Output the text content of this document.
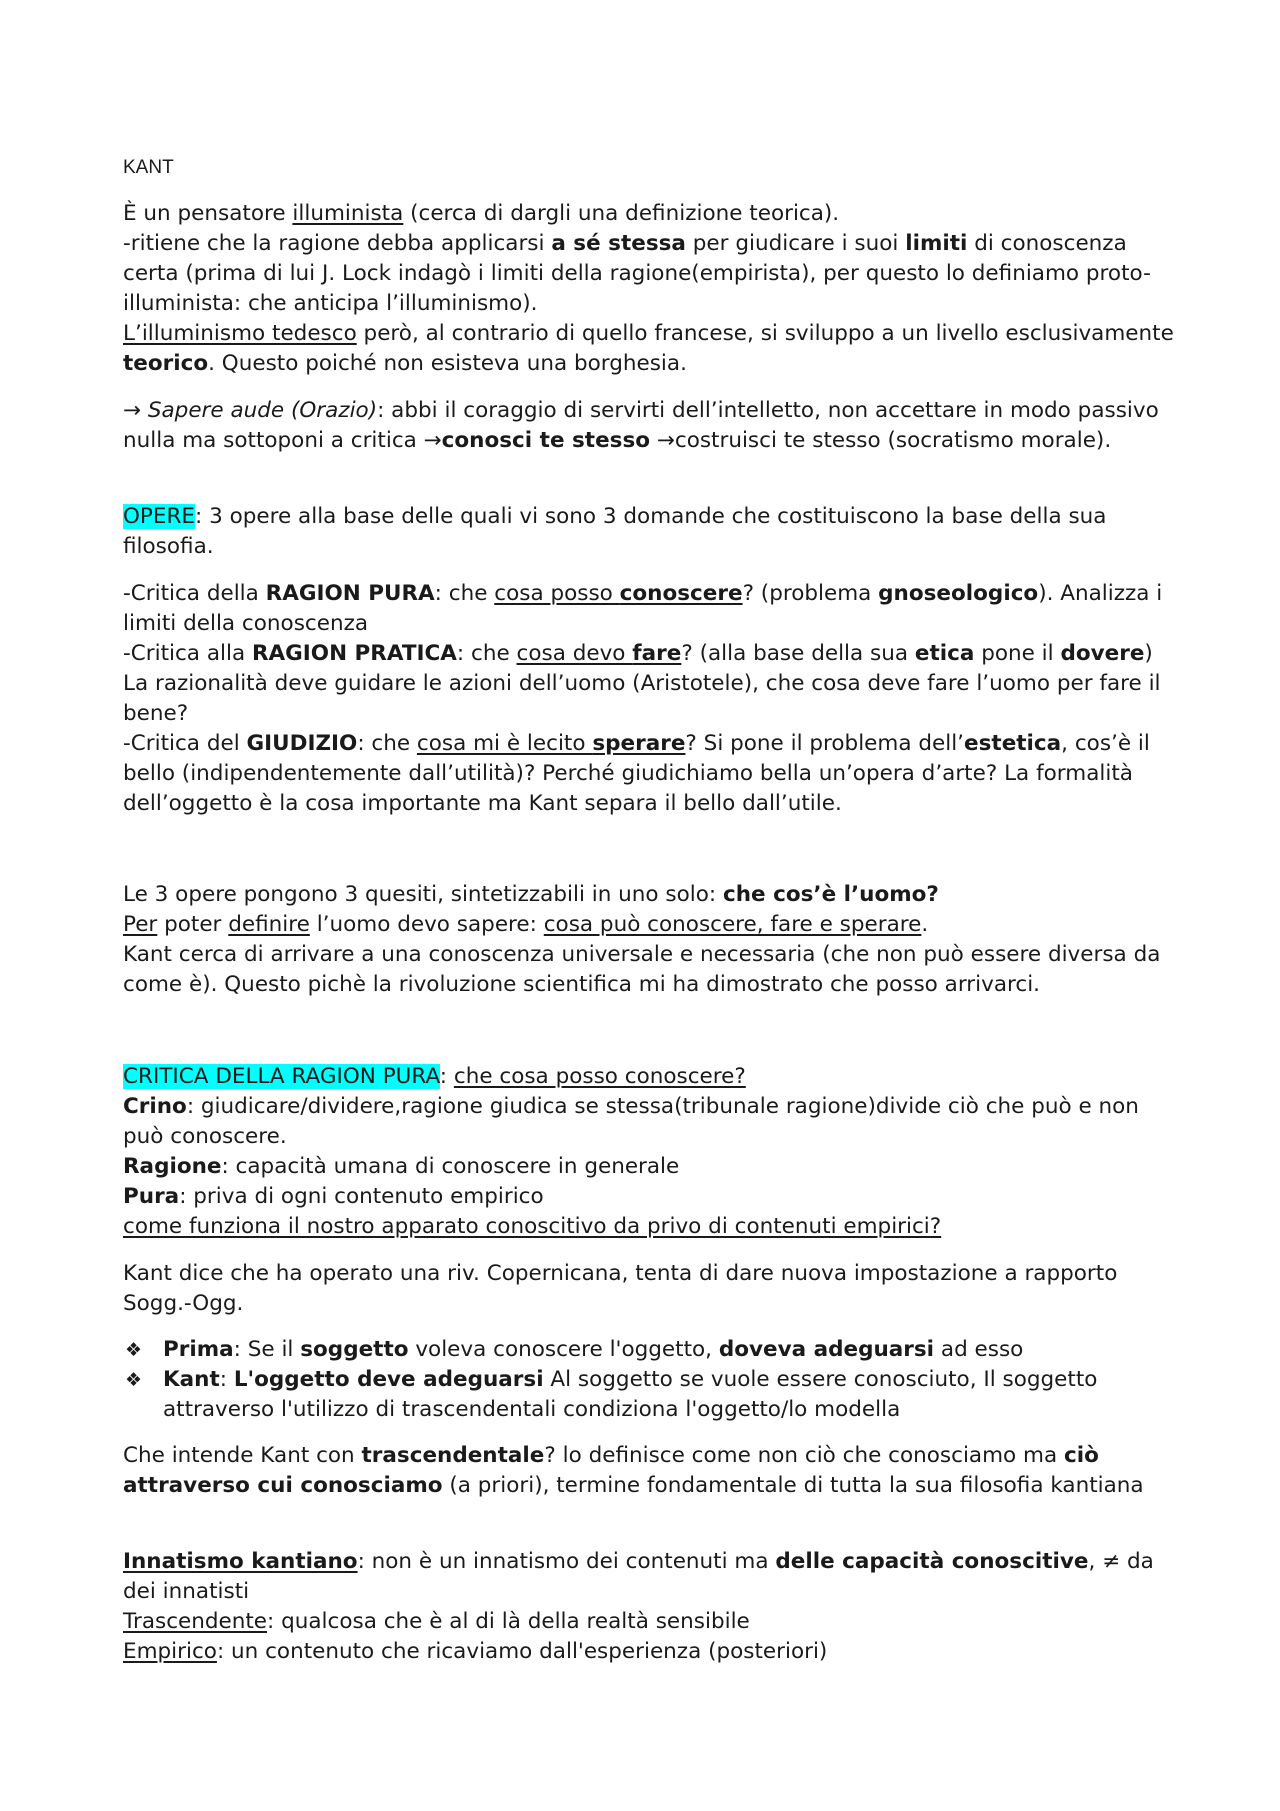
KANT

È un pensatore illuminista (cerca di dargli una definizione teorica).
-ritiene che la ragione debba applicarsi a sé stessa per giudicare i suoi limiti di conoscenza certa (prima di lui J. Lock indagò i limiti della ragione(empirista), per questo lo definiamo proto-illuminista: che anticipa l’illuminismo).
L’illuminismo tedesco però, al contrario di quello francese, si sviluppo a un livello esclusivamente teorico. Questo poiché non esisteva una borghesia.

→ Sapere aude (Orazio): abbi il coraggio di servirti dell’intelletto, non accettare in modo passivo nulla ma sottoponi a critica →conosci te stesso →costruisci te stesso (socratismo morale).

OPERE: 3 opere alla base delle quali vi sono 3 domande che costituiscono la base della sua filosofia.

-Critica della RAGION PURA: che cosa posso conoscere? (problema gnoseologico). Analizza i limiti della conoscenza

-Critica alla RAGION PRATICA: che cosa devo fare? (alla base della sua etica pone il dovere)

La razionalità deve guidare le azioni dell’uomo (Aristotele), che cosa deve fare l’uomo per fare il bene?

-Critica del GIUDIZIO: che cosa mi è lecito sperare? Si pone il problema dell’estetica, cos’è il bello (indipendentemente dall’utilità)? Perché giudichiamo bella un’opera d’arte? La formalità dell’oggetto è la cosa importante ma Kant separa il bello dall’utile.

Le 3 opere pongono 3 quesiti, sintetizzabili in uno solo: che cos’è l’uomo?

Per poter definire l’uomo devo sapere: cosa può conoscere, fare e sperare.

Kant cerca di arrivare a una conoscenza universale e necessaria (che non può essere diversa da come è). Questo pichè la rivoluzione scientifica mi ha dimostrato che posso arrivarci.

CRITICA DELLA RAGION PURA: che cosa posso conoscere?

Crino: giudicare/dividere,ragione giudica se stessa(tribunale ragione)divide ciò che può e non può conoscere.

Ragione: capacità umana di conoscere in generale

Pura: priva di ogni contenuto empirico

come funziona il nostro apparato conoscitivo da privo di contenuti empirici?

Kant dice che ha operato una riv. Copernicana, tenta di dare nuova impostazione a rapporto Sogg.-Ogg.

❖ Prima: Se il soggetto voleva conoscere l'oggetto, doveva adeguarsi ad esso
❖ Kant: L'oggetto deve adeguarsi Al soggetto se vuole essere conosciuto, Il soggetto attraverso l'utilizzo di trascendentali condiziona l'oggetto/lo modella

Che intende Kant con trascendentale? lo definisce come non ciò che conosciamo ma ciò attraverso cui conosciamo (a priori), termine fondamentale di tutta la sua filosofia kantiana

Innatismo kantiano: non è un innatismo dei contenuti ma delle capacità conoscitive, ≠ da dei innatisti

Trascendente: qualcosa che è al di là della realtà sensibile

Empirico: un contenuto che ricaviamo dall'esperienza (posteriori)
